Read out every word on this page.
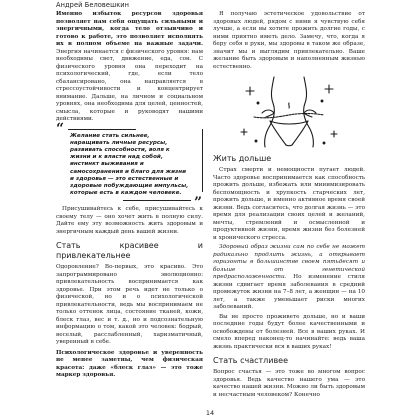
Андрей Беловешкин

Именно избыток ресурсов здоровья позволяет нам себя ощущать сильными и энергичными, когда тело отзывчиво и готово к работе, это позволяет исполнять их в полном объеме на важные задачи. Энергия начинается с физического уровня: нам необходимы свет, движение, еда, сон. С физического уровня она переходит на психологический, где, если тело сбалансировано, она направляется в стрессоустойчивости и концентрирует внимание. Дальше, на личном и социальном уровнях, она необходима для целей, ценностей, смысла, которые и руководят нашими действиями.

“ Желание стать сильнее, наращивать личные ресурсы, развивать способности, воля к жизни и к власти над собой, инстинкт выживания и самосохранения и благо для жизни и здоровья — это естественные и здоровые побуждающие импульсы, которые есть в каждом человеке.

”

Присушивайтесь к себе, присушивайтесь к своему телу — оно хочет жить в полную силу. Дайте ему эту возможность жить здоровым и энергичным каждый день вашей жизни.

Стать красивее и привлекательнее

Одоровление? Во-первых, это красиво. Это запрограммировано эволюционно: привлекательность воспринимается как здоровье. При этом речь идет не только о физической, но и о психологической привлекательности, ведь мы воспринимаем не только оттенок лица, состояние тканей, кожи, блеск глаз, вес и т. д., но и подсознательную информацию о том, какой это человек: бодрый, веселый, расслабленный, харизматичный, уверенный в себе.

Психологическое здоровье и уверенность не менее заметны, чем физическая красота: даже «блеск глаз» — это тоже маркер здоровья.

Я получаю эстетическое удовольствие от здоровых людей, рядом с ними я чувствую себя лучше, а если вы хотите прожить долгие годы, с ними приятно иметь дело. Замечу, что, когда я беру себя в руки, мы здоровы в таком же образе, значит мы и выглядим привлекательно. Ваше желание быть здоровым и наполненным жизнью естественно.

Жить дольше

Страх смерти и немощности пугает людей. Часто здоровье воспринимается как способность прожить дольше, избежать или минимизировать беспомощность и хрупкость старческих лет, прожить дольше, и именно активное время своей жизни. Ведь согласитесь, что долгая жизнь — это время для реализации своих целей и желаний, мечты, стремлений и осмысленной и продуктивной жизни, время жизни без болезней и хронического стресса.

Здоровый образ жизни сам по себе не может радикально продлить жизнь, а открывает горизонты в большинстве своем пятьдесят и больше от генетической предрасположенности. Но изменение стиля жизни сдвигает время заболевания в средний промежуток жизни на 7–8 лет, а женщин — на 10 лет, а также уменьшает риски многих заболеваний.

Вы не просто проживете дольше, но и ваши последние годы будут более качественными и освобождены от болезней. Все в ваших руках. И смело вперед наконец-то начинайте: ведь ваша жизнь практически вся в ваших руках!

Стать счастливее

Вопрос счастья — это тоже во многом вопрос здоровья. Ведь качество нашего ума — это качество нашей жизни. Можно ли быть здоровым и несчастным человеком? Конечно

14
